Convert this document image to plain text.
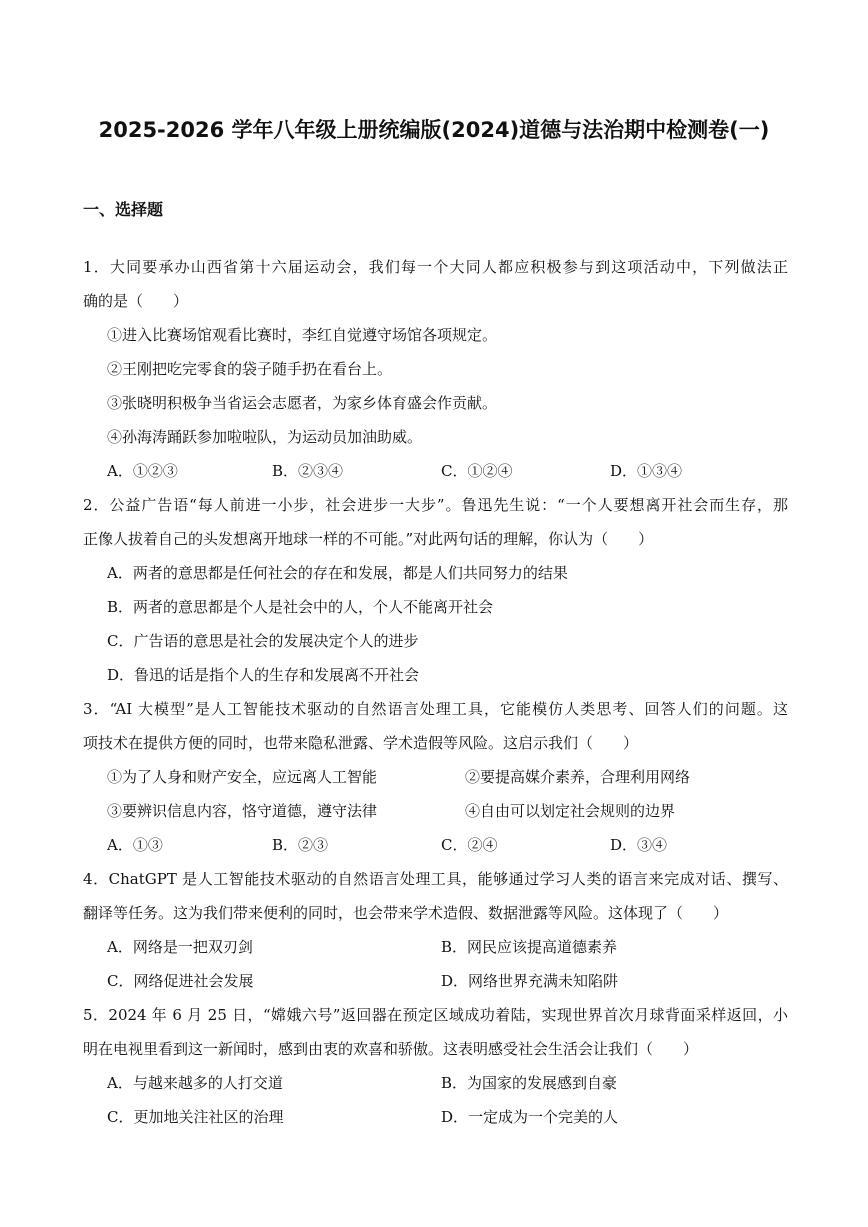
2025-2026 学年八年级上册统编版(2024)道德与法治期中检测卷(一)
一、选择题
1．大同要承办山西省第十六届运动会，我们每一个大同人都应积极参与到这项活动中，下列做法正
确的是（　　）
①进入比赛场馆观看比赛时，李红自觉遵守场馆各项规定。
②王刚把吃完零食的袋子随手扔在看台上。
③张晓明积极争当省运会志愿者，为家乡体育盛会作贡献。
④孙海涛踊跃参加啦啦队，为运动员加油助威。
A．①②③	B．②③④	C．①②④	D．①③④
2．公益广告语“每人前进一小步，社会进步一大步”。鲁迅先生说：“一个人要想离开社会而生存，那
正像人拔着自己的头发想离开地球一样的不可能。”对此两句话的理解，你认为（　　）
A．两者的意思都是任何社会的存在和发展，都是人们共同努力的结果
B．两者的意思都是个人是社会中的人，个人不能离开社会
C．广告语的意思是社会的发展决定个人的进步
D．鲁迅的话是指个人的生存和发展离不开社会
3．“AI 大模型”是人工智能技术驱动的自然语言处理工具，它能模仿人类思考、回答人们的问题。这
项技术在提供方便的同时，也带来隐私泄露、学术造假等风险。这启示我们（　　）
①为了人身和财产安全，应远离人工智能	②要提高媒介素养，合理利用网络
③要辨识信息内容，恪守道德，遵守法律	④自由可以划定社会规则的边界
A．①③	B．②③	C．②④	D．③④
4．ChatGPT 是人工智能技术驱动的自然语言处理工具，能够通过学习人类的语言来完成对话、撰写、
翻译等任务。这为我们带来便利的同时，也会带来学术造假、数据泄露等风险。这体现了（　　）
A．网络是一把双刃剑	B．网民应该提高道德素养
C．网络促进社会发展	D．网络世界充满未知陷阱
5．2024 年 6 月 25 日，“嫦娥六号”返回器在预定区域成功着陆，实现世界首次月球背面采样返回，小
明在电视里看到这一新闻时，感到由衷的欢喜和骄傲。这表明感受社会生活会让我们（　　）
A．与越来越多的人打交道	B．为国家的发展感到自豪
C．更加地关注社区的治理	D．一定成为一个完美的人
